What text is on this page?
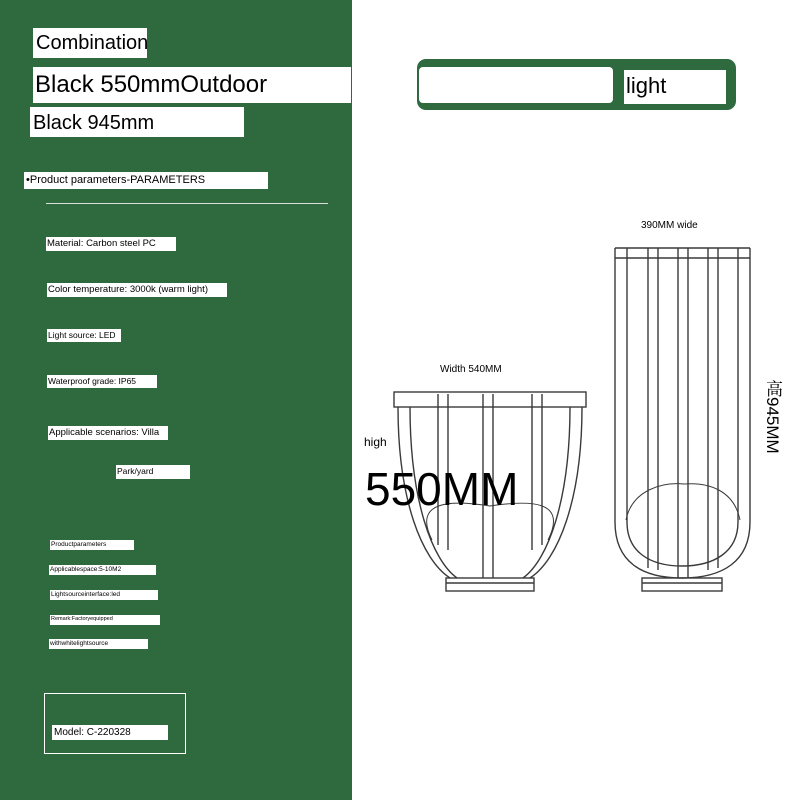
Combination
Black 550mmOutdoor
Black 945mm
•Product parameters-PARAMETERS
Material: Carbon steel PC
Color temperature: 3000k (warm light)
Light source: LED
Waterproof grade: IP65
Applicable scenarios: Villa
Park/yard
Productparameters
Applicablespace:5-10M2
Lightsourceinterface:led
Remark:Factoryequipped
withwhitelightsource
Model: C-220328
light
390MM wide
Width 540MM
high
550MM
高945MM
